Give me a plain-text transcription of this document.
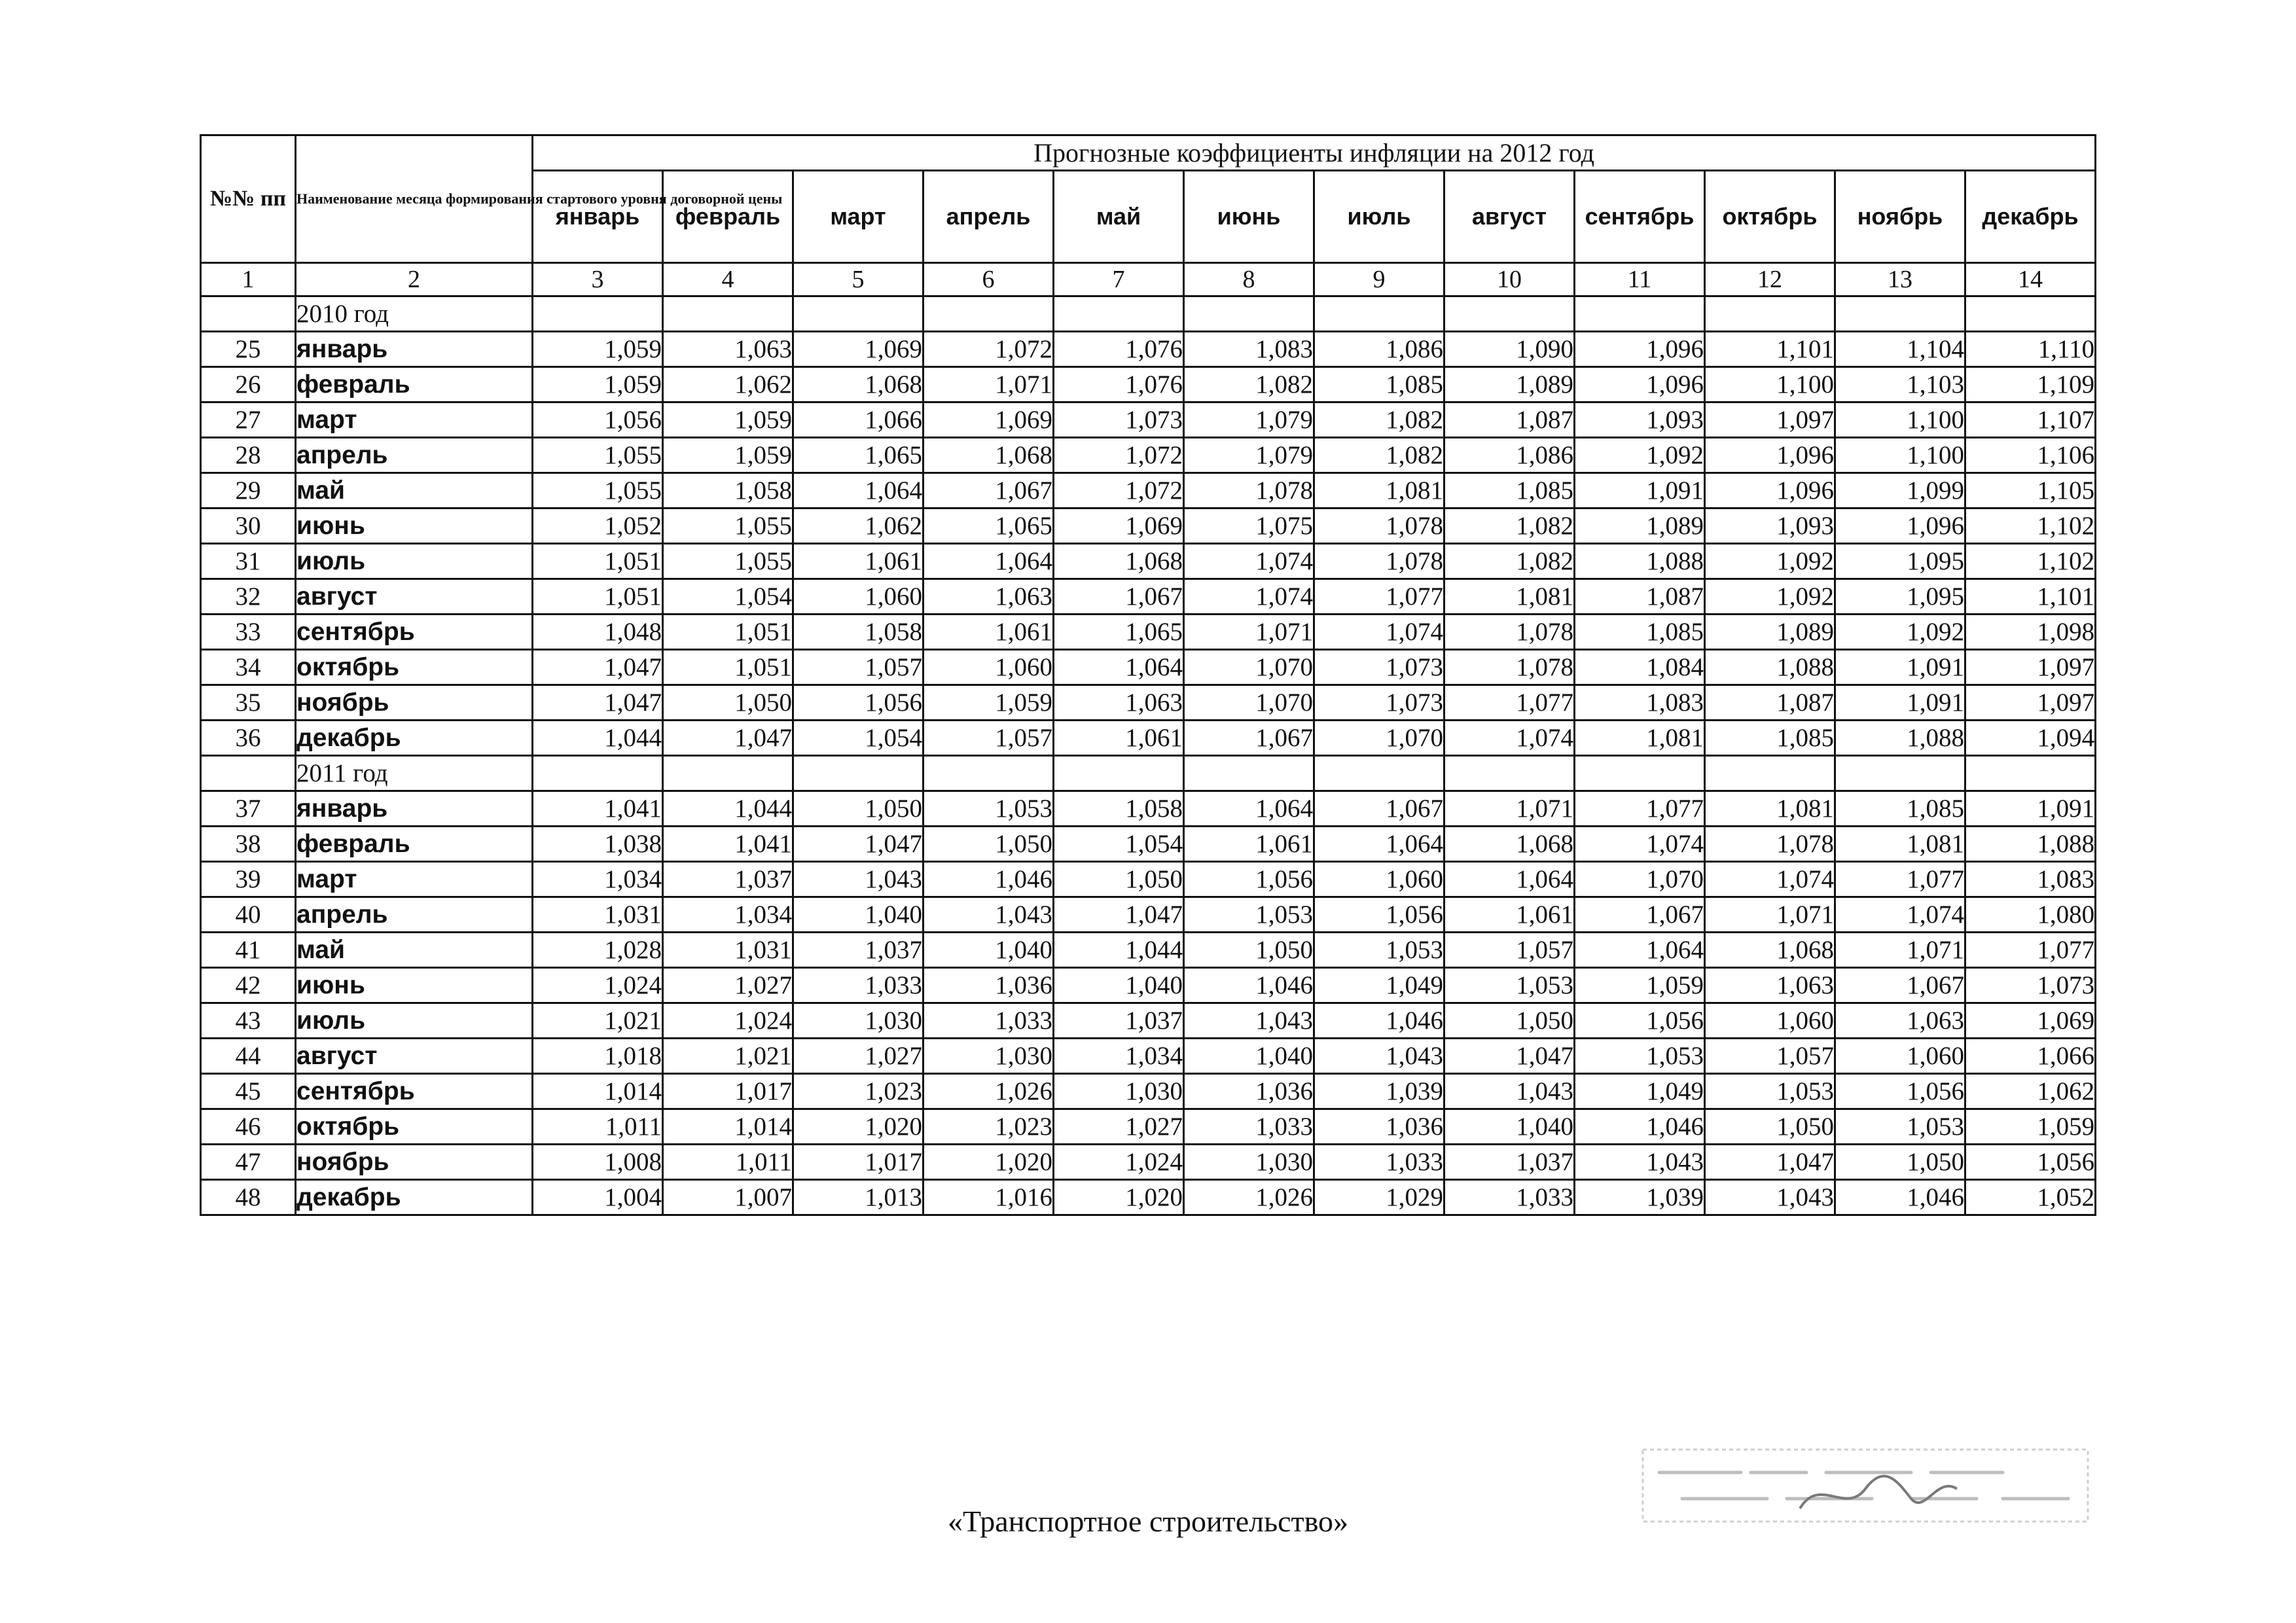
№№ пп	Наименование месяца формирования стартового уровня договорной цены	Прогнозные коэффициенты инфляции на 2012 год											
		январь	февраль	март	апрель	май	июнь	июль	август	сентябрь	октябрь	ноябрь	декабрь
1	2	3	4	5	6	7	8	9	10	11	12	13	14
	2010 год												
25	январь	1,059	1,063	1,069	1,072	1,076	1,083	1,086	1,090	1,096	1,101	1,104	1,110
26	февраль	1,059	1,062	1,068	1,071	1,076	1,082	1,085	1,089	1,096	1,100	1,103	1,109
27	март	1,056	1,059	1,066	1,069	1,073	1,079	1,082	1,087	1,093	1,097	1,100	1,107
28	апрель	1,055	1,059	1,065	1,068	1,072	1,079	1,082	1,086	1,092	1,096	1,100	1,106
29	май	1,055	1,058	1,064	1,067	1,072	1,078	1,081	1,085	1,091	1,096	1,099	1,105
30	июнь	1,052	1,055	1,062	1,065	1,069	1,075	1,078	1,082	1,089	1,093	1,096	1,102
31	июль	1,051	1,055	1,061	1,064	1,068	1,074	1,078	1,082	1,088	1,092	1,095	1,102
32	август	1,051	1,054	1,060	1,063	1,067	1,074	1,077	1,081	1,087	1,092	1,095	1,101
33	сентябрь	1,048	1,051	1,058	1,061	1,065	1,071	1,074	1,078	1,085	1,089	1,092	1,098
34	октябрь	1,047	1,051	1,057	1,060	1,064	1,070	1,073	1,078	1,084	1,088	1,091	1,097
35	ноябрь	1,047	1,050	1,056	1,059	1,063	1,070	1,073	1,077	1,083	1,087	1,091	1,097
36	декабрь	1,044	1,047	1,054	1,057	1,061	1,067	1,070	1,074	1,081	1,085	1,088	1,094
	2011 год												
37	январь	1,041	1,044	1,050	1,053	1,058	1,064	1,067	1,071	1,077	1,081	1,085	1,091
38	февраль	1,038	1,041	1,047	1,050	1,054	1,061	1,064	1,068	1,074	1,078	1,081	1,088
39	март	1,034	1,037	1,043	1,046	1,050	1,056	1,060	1,064	1,070	1,074	1,077	1,083
40	апрель	1,031	1,034	1,040	1,043	1,047	1,053	1,056	1,061	1,067	1,071	1,074	1,080
41	май	1,028	1,031	1,037	1,040	1,044	1,050	1,053	1,057	1,064	1,068	1,071	1,077
42	июнь	1,024	1,027	1,033	1,036	1,040	1,046	1,049	1,053	1,059	1,063	1,067	1,073
43	июль	1,021	1,024	1,030	1,033	1,037	1,043	1,046	1,050	1,056	1,060	1,063	1,069
44	август	1,018	1,021	1,027	1,030	1,034	1,040	1,043	1,047	1,053	1,057	1,060	1,066
45	сентябрь	1,014	1,017	1,023	1,026	1,030	1,036	1,039	1,043	1,049	1,053	1,056	1,062
46	октябрь	1,011	1,014	1,020	1,023	1,027	1,033	1,036	1,040	1,046	1,050	1,053	1,059
47	ноябрь	1,008	1,011	1,017	1,020	1,024	1,030	1,033	1,037	1,043	1,047	1,050	1,056
48	декабрь	1,004	1,007	1,013	1,016	1,020	1,026	1,029	1,033	1,039	1,043	1,046	1,052
«Транспортное строительство»
